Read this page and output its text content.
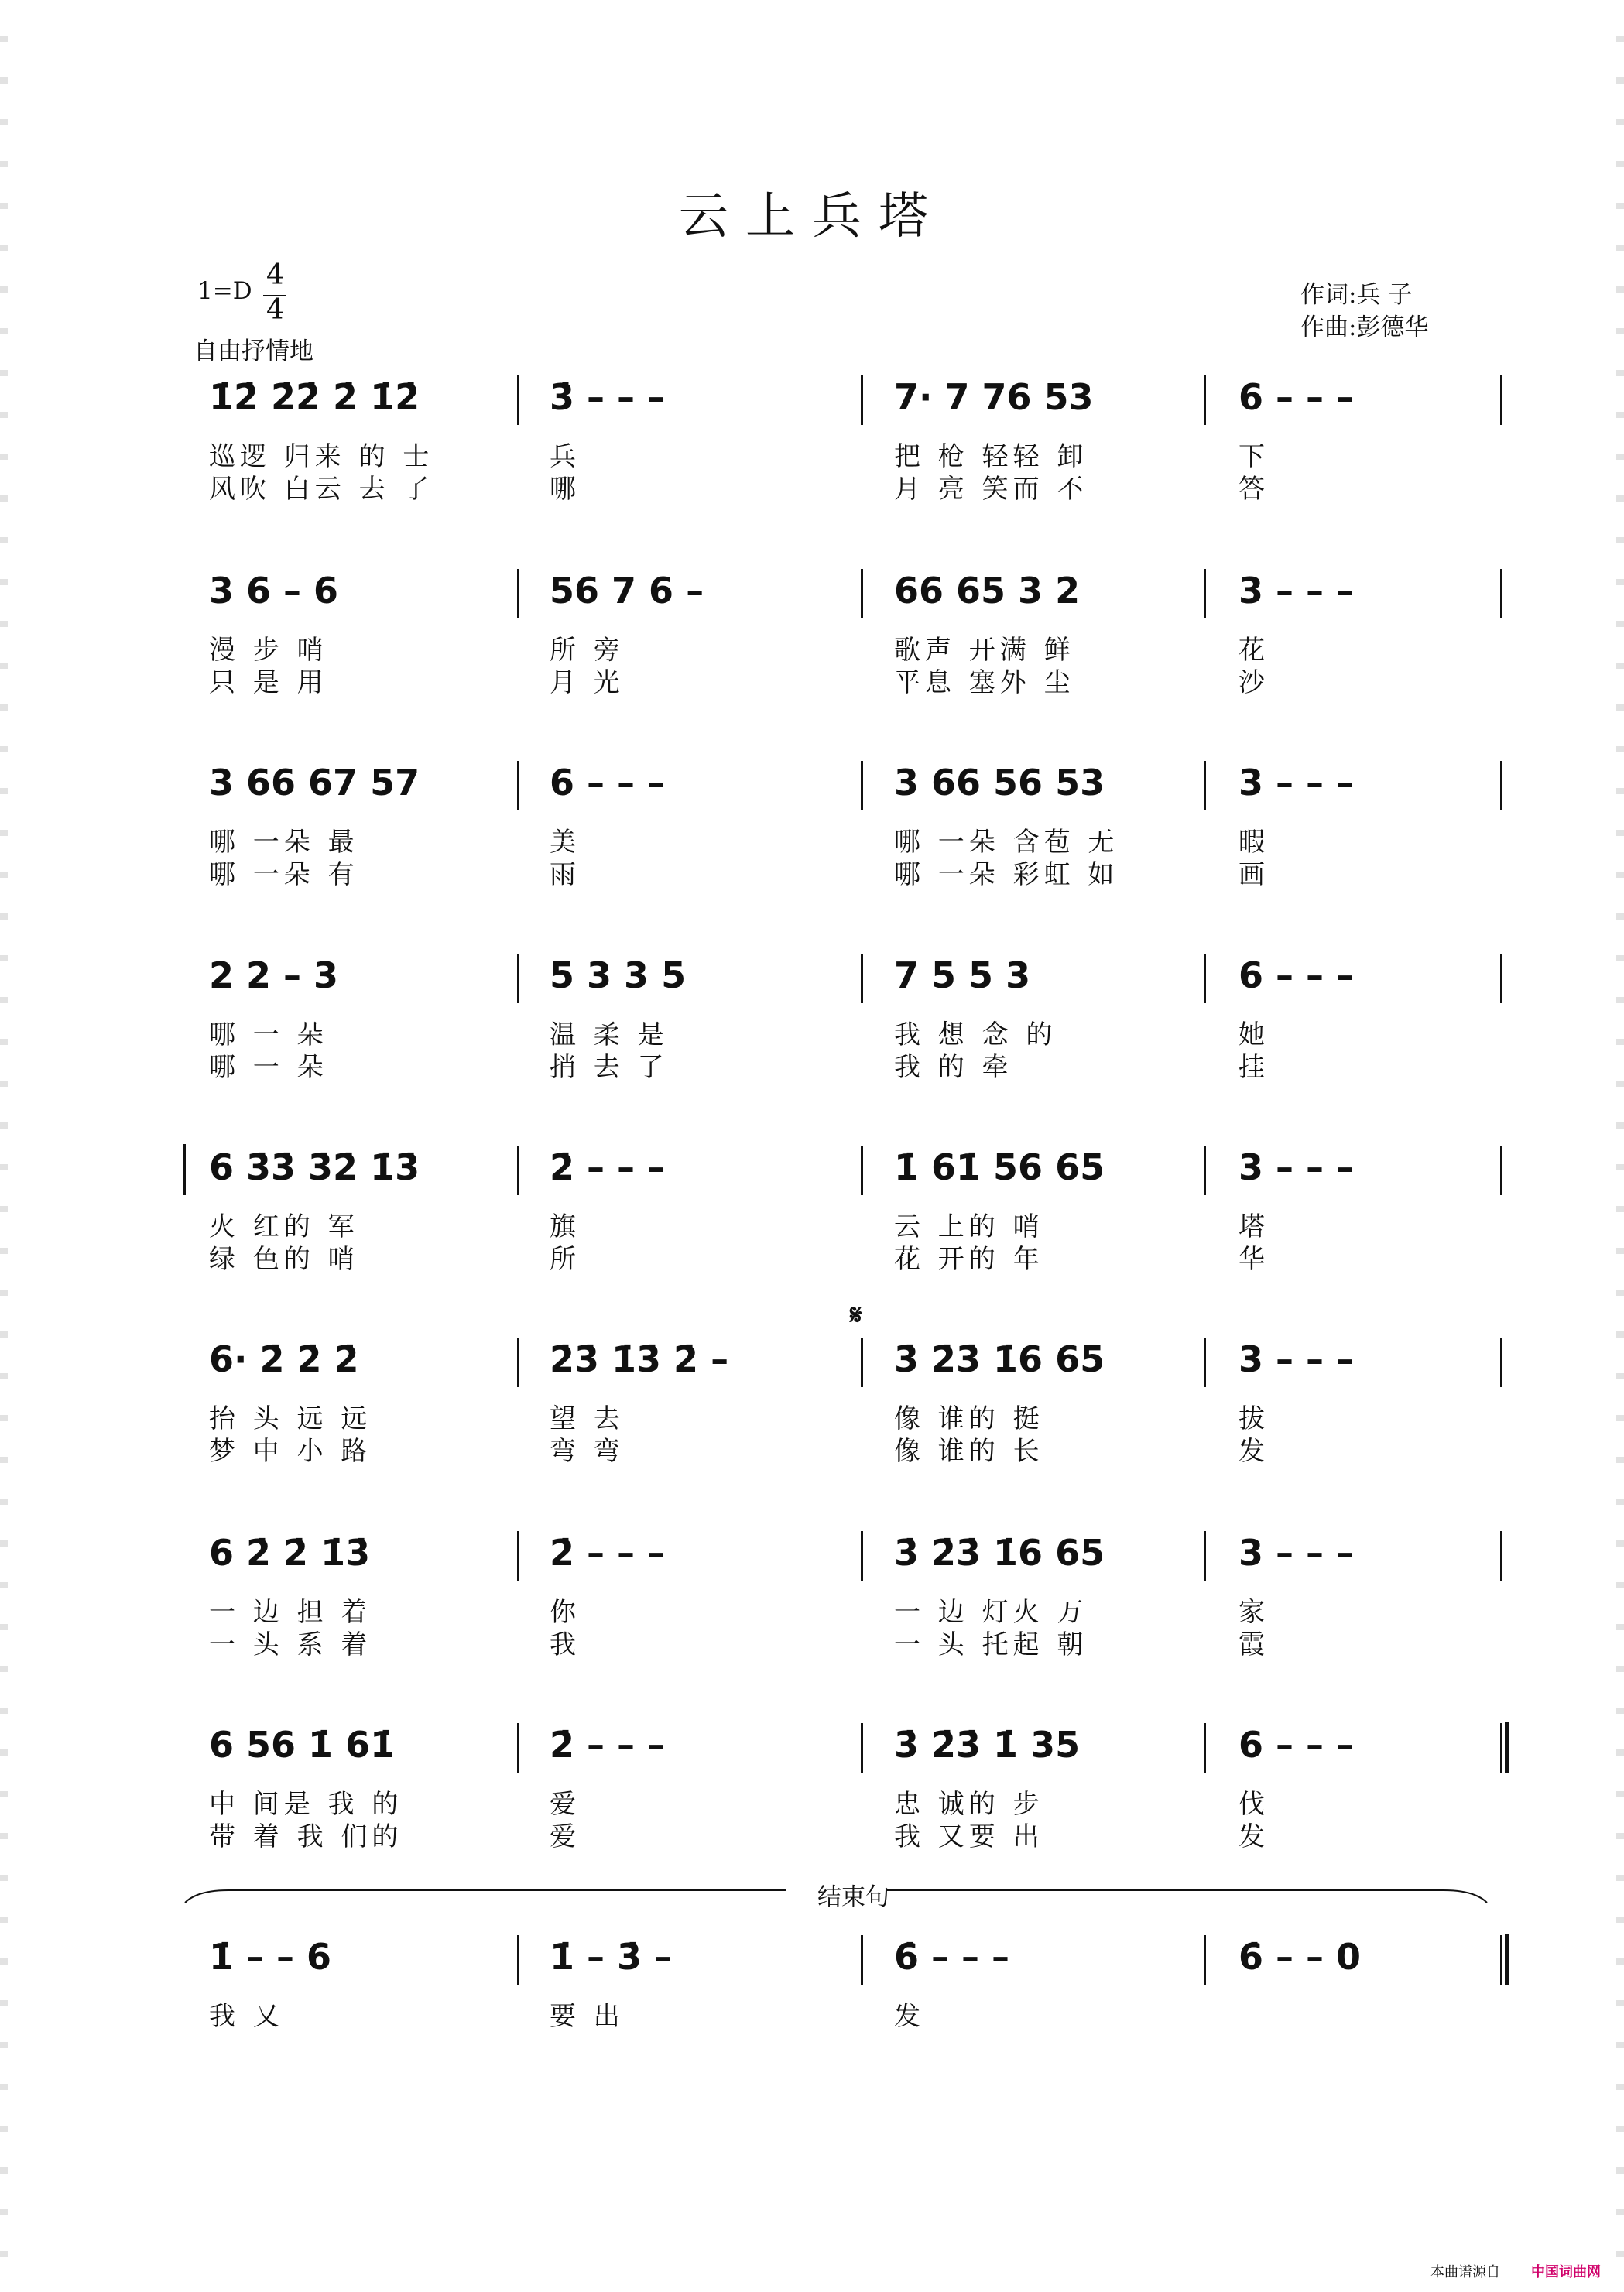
云上兵塔
1=D 4
4
自由抒情地
作词:兵 子
作曲:彭德华
1̇2̇ 2̇2̇ 2̇ 1̇2̇	3̇ – – –	7· 7 76 53	6 – – –
巡逻 归来 的 士	兵	把 枪 轻轻 卸	下
风吹 白云 去 了	哪	月 亮 笑而 不	答
3 6 – 6	56 7 6 –	66 65 3 2	3 – – –
漫 步 哨	所 旁	歌声 开满 鲜	花
只 是 用	月 光	平息 塞外 尘	沙
3 66 67 57	6 – – –	3 66 56 53	3 – – –
哪 一朵 最	美	哪 一朵 含苞 无	暇
哪 一朵 有	雨	哪 一朵 彩虹 如	画
2 2 – 3	5 3 3 5	7 5 5 3	6 – – –
哪 一 朵	温 柔 是	我 想 念 的	她
哪 一 朵	捎 去 了	我 的 牵	挂
6 3̇3̇ 3̇2̇ 1̇3̇	2̇ – – –	1̇ 61̇ 56 65	3 – – –
火 红的 军	旗	云 上的 哨	塔
绿 色的 哨	所	花 开的 年	华
6· 2̇ 2̇ 2̇	2̇3̇ 1̇3̇ 2̇ –	3̇ 2̇3̇ 1̇6 65	3 – – –
抬 头 远 远	望 去	像 谁的 挺	拔
梦 中 小 路	弯 弯	像 谁的 长	发
6 2̇ 2̇ 1̇3̇	2̇ – – –	3̇ 2̇3̇ 1̇6 65	3 – – –
一 边 担 着	你	一 边 灯火 万	家
一 头 系 着	我	一 头 托起 朝	霞
6 56 1̇ 61̇	2̇ – – –	3̇ 2̇3̇ 1̇ 35	6 – – –
中 间是 我 的	爱	忠 诚的 步	伐
带 着 我 们的	爱	我 又要 出	发
1̇ – – 6	1̇ – 3̇ –	6̇ – – –	6̇ – – 0
我 又	要 出	发
𝄋
结束句
本曲谱源自 中国词曲网
